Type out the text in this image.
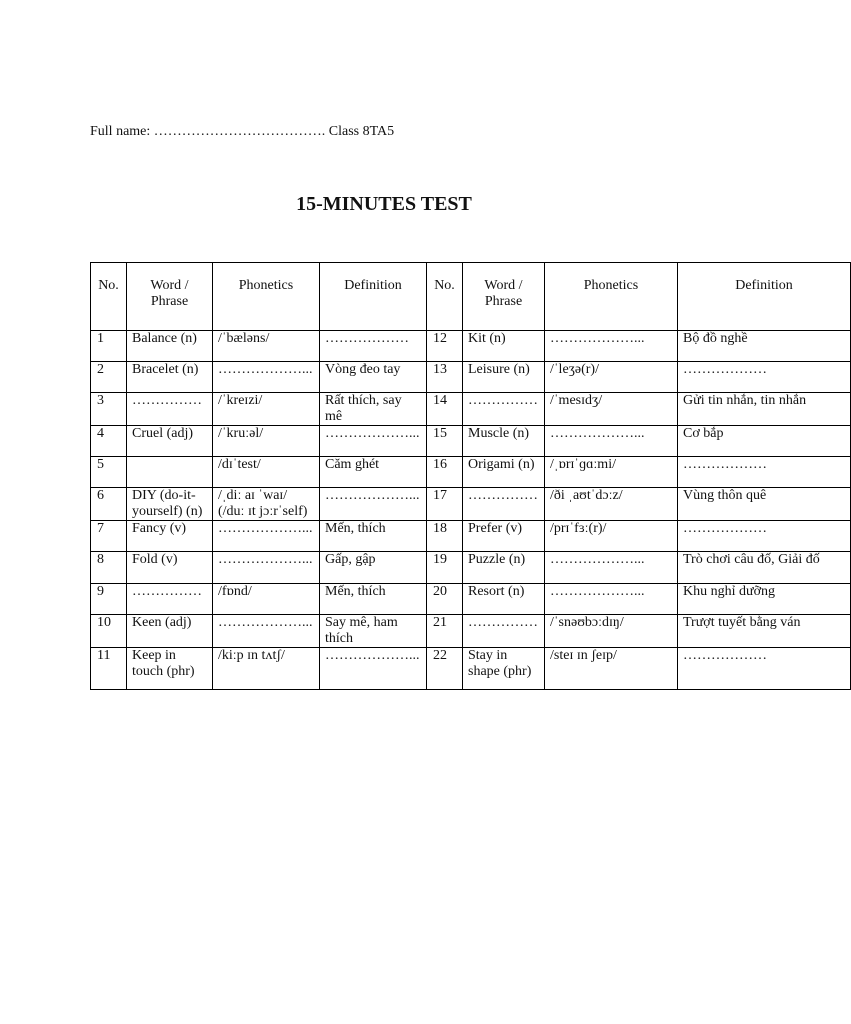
Full name: ………………………………. Class 8TA5
15-MINUTES TEST
No.	Word / Phrase	Phonetics	Definition	No.	Word / Phrase	Phonetics	Definition
1	Balance (n)	/ˈbæləns/	………………	12	Kit (n)	………………...	Bộ đồ nghề
2	Bracelet (n)	………………...	Vòng đeo tay	13	Leisure (n)	/ˈleʒə(r)/	………………
3	……………	/ˈkreɪzi/	Rất thích, say mê	14	……………	/ˈmesɪdʒ/	Gửi tin nhắn, tin nhắn
4	Cruel (adj)	/ˈkruːəl/	………………...	15	Muscle (n)	………………...	Cơ bắp
5		/dɪˈtest/	Căm ghét	16	Origami (n)	/ˌɒrɪˈɡɑːmi/	………………
6	DIY (do-it-yourself) (n)	/ˌdiː aɪ ˈwaɪ/ (/duː ɪt jɔːrˈself)	………………...	17	……………	/ði ˌaʊtˈdɔːz/	Vùng thôn quê
7	Fancy (v)	………………...	Mến, thích	18	Prefer (v)	/prɪˈfɜː(r)/	………………
8	Fold (v)	………………...	Gấp, gập	19	Puzzle (n)	………………...	Trò chơi câu đố, Giải đố
9	……………	/fɒnd/	Mến, thích	20	Resort (n)	………………...	Khu nghỉ dưỡng
10	Keen (adj)	………………...	Say mê, ham thích	21	……………	/ˈsnəʊbɔːdɪŋ/	Trượt tuyết bằng ván
11	Keep in touch (phr)	/kiːp ɪn tʌtʃ/	………………...	22	Stay in shape (phr)	/steɪ ɪn ʃeɪp/	………………
